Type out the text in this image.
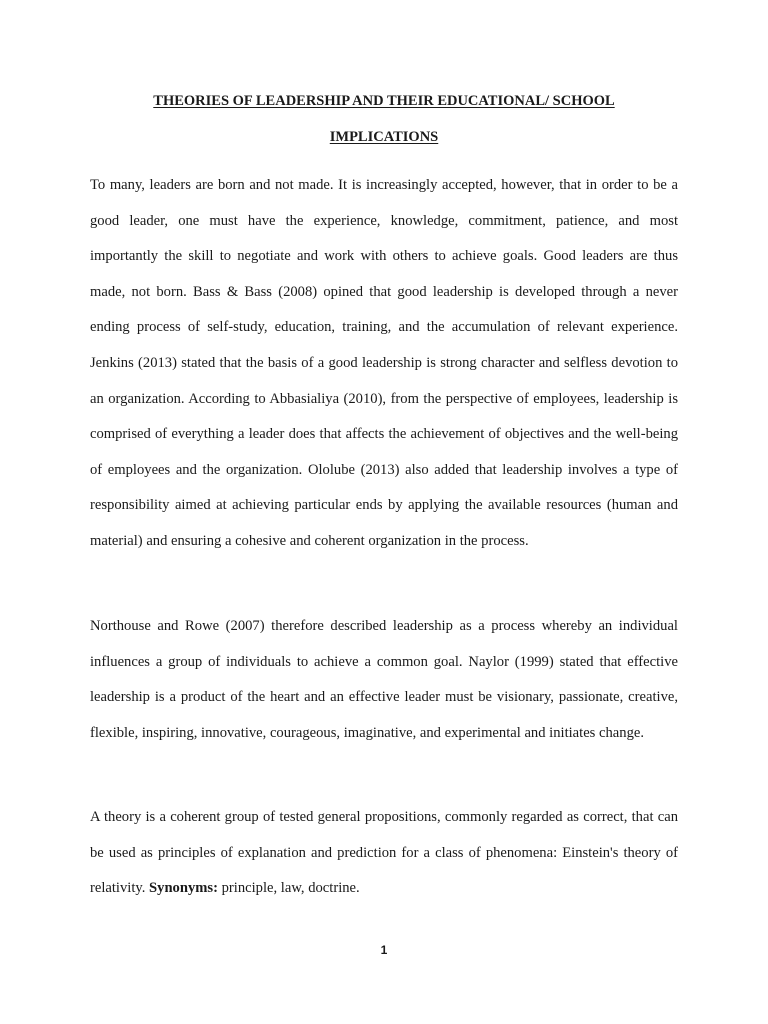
THEORIES OF LEADERSHIP AND THEIR EDUCATIONAL/ SCHOOL
IMPLICATIONS

To many, leaders are born and not made. It is increasingly accepted, however, that in order to be a good leader, one must have the experience, knowledge, commitment, patience, and most importantly the skill to negotiate and work with others to achieve goals. Good leaders are thus made, not born. Bass & Bass (2008) opined that good leadership is developed through a never ending process of self-study, education, training, and the accumulation of relevant experience. Jenkins (2013) stated that the basis of a good leadership is strong character and selfless devotion to an organization. According to Abbasialiya (2010), from the perspective of employees, leadership is comprised of everything a leader does that affects the achievement of objectives and the well-being of employees and the organization. Ololube (2013) also added that leadership involves a type of responsibility aimed at achieving particular ends by applying the available resources (human and material) and ensuring a cohesive and coherent organization in the process.

Northouse and Rowe (2007) therefore described leadership as a process whereby an individual influences a group of individuals to achieve a common goal. Naylor (1999) stated that effective leadership is a product of the heart and an effective leader must be visionary, passionate, creative, flexible, inspiring, innovative, courageous, imaginative, and experimental and initiates change.

A theory is a coherent group of tested general propositions, commonly regarded as correct, that can be used as principles of explanation and prediction for a class of phenomena: Einstein's theory of relativity. Synonyms: principle, law, doctrine.

1
